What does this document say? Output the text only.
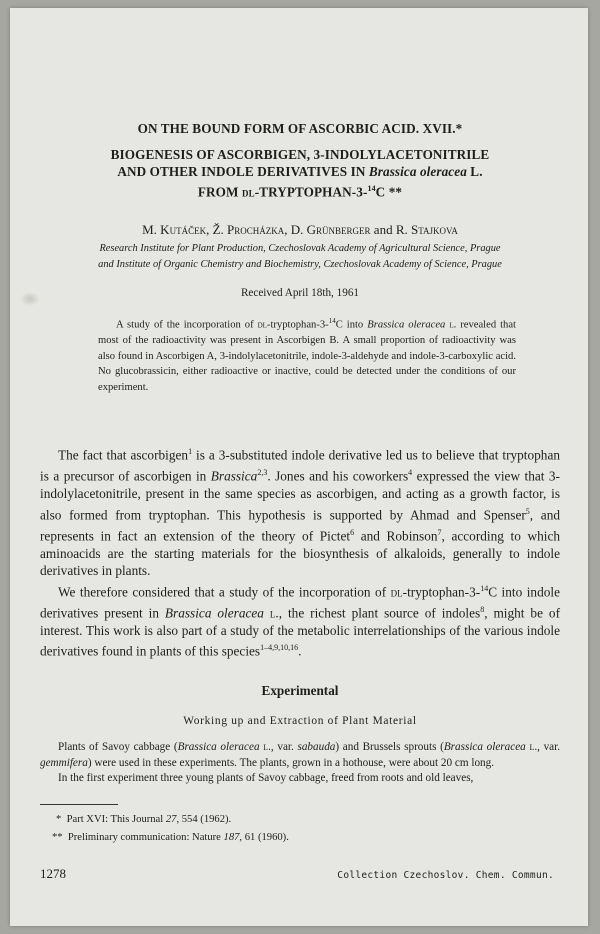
ON THE BOUND FORM OF ASCORBIC ACID. XVII.*
BIOGENESIS OF ASCORBIGEN, 3-INDOLYLACETONITRILE
AND OTHER INDOLE DERIVATIVES IN Brassica oleracea L.
FROM dl-TRYPTOPHAN-3-$^{14}$C **
M. Kutáček, Ž. Procházka, D. Grünberger and R. Stajkova
Research Institute for Plant Production, Czechoslovak Academy of Agricultural Science, Prague
and Institute of Organic Chemistry and Biochemistry, Czechoslovak Academy of Science, Prague
Received April 18th, 1961

A study of the incorporation of dl-tryptophan-3-$^{14}$C into Brassica oleracea l. revealed that most of the radioactivity was present in Ascorbigen B. A small proportion of radioactivity was also found in Ascorbigen A, 3-indolylacetonitrile, indole-3-aldehyde and indole-3-carboxylic acid. No glucobrassicin, either radioactive or inactive, could be detected under the conditions of our experiment.

The fact that ascorbigen$^1$ is a 3-substituted indole derivative led us to believe that tryptophan is a precursor of ascorbigen in Brassica$^{2,3}$. Jones and his coworkers$^4$ expressed the view that 3-indolylacetonitrile, present in the same species as ascorbigen, and acting as a growth factor, is also formed from tryptophan. This hypothesis is supported by Ahmad and Spenser$^5$, and represents in fact an extension of the theory of Pictet$^6$ and Robinson$^7$, according to which aminoacids are the starting materials for the biosynthesis of alkaloids, generally to indole derivatives in plants.

We therefore considered that a study of the incorporation of dl-tryptophan-3-$^{14}$C into indole derivatives present in Brassica oleracea l., the richest plant source of indoles$^8$, might be of interest. This work is also part of a study of the metabolic interrelationships of the various indole derivatives found in plants of this species$^{1-4,9,10,16}$.

Experimental
Working up and Extraction of Plant Material

Plants of Savoy cabbage (Brassica oleracea l., var. sabauda) and Brussels sprouts (Brassica oleracea l., var. gemmifera) were used in these experiments. The plants, grown in a hothouse, were about 20 cm long.

In the first experiment three young plants of Savoy cabbage, freed from roots and old leaves,

* Part XVI: This Journal 27, 554 (1962).
** Preliminary communication: Nature 187, 61 (1960).
1278	Collection Czechoslov. Chem. Commun.
